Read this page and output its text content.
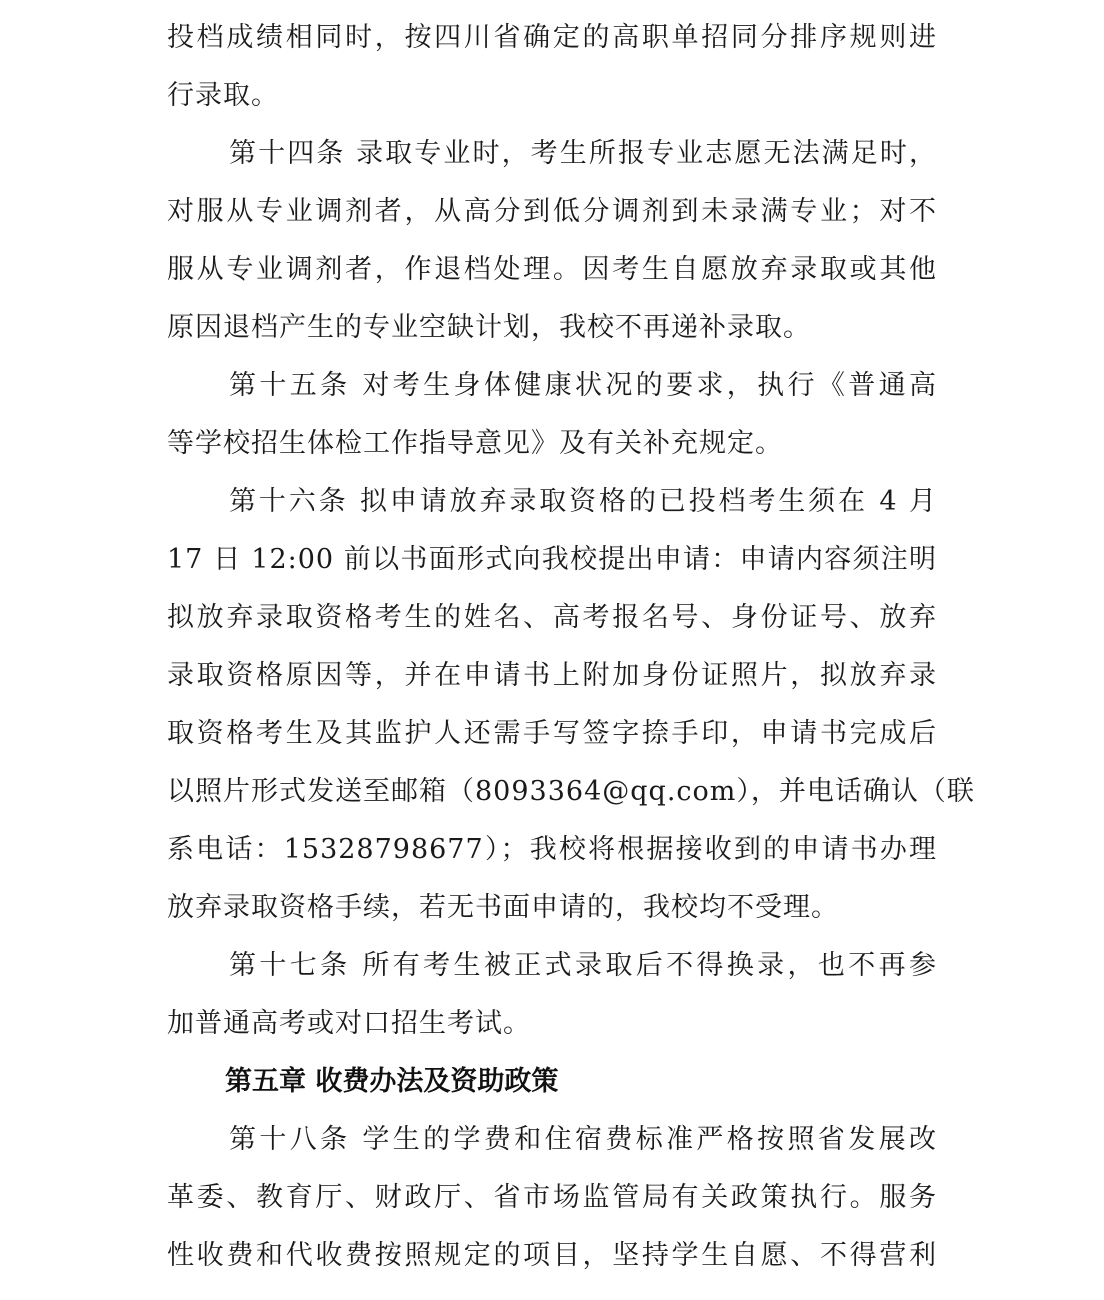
投档成绩相同时，按四川省确定的高职单招同分排序规则进
行录取。
第十四条 录取专业时，考生所报专业志愿无法满足时，
对服从专业调剂者，从高分到低分调剂到未录满专业；对不
服从专业调剂者，作退档处理。因考生自愿放弃录取或其他
原因退档产生的专业空缺计划，我校不再递补录取。
第十五条 对考生身体健康状况的要求，执行《普通高
等学校招生体检工作指导意见》及有关补充规定。
第十六条 拟申请放弃录取资格的已投档考生须在 4 月
17 日 12:00 前以书面形式向我校提出申请：申请内容须注明
拟放弃录取资格考生的姓名、高考报名号、身份证号、放弃
录取资格原因等，并在申请书上附加身份证照片，拟放弃录
取资格考生及其监护人还需手写签字捺手印，申请书完成后
以照片形式发送至邮箱（8093364@qq.com），并电话确认（联
系电话：15328798677）；我校将根据接收到的申请书办理
放弃录取资格手续，若无书面申请的，我校均不受理。
第十七条 所有考生被正式录取后不得换录，也不再参
加普通高考或对口招生考试。
第五章 收费办法及资助政策
第十八条 学生的学费和住宿费标准严格按照省发展改
革委、教育厅、财政厅、省市场监管局有关政策执行。服务
性收费和代收费按照规定的项目，坚持学生自愿、不得营利
